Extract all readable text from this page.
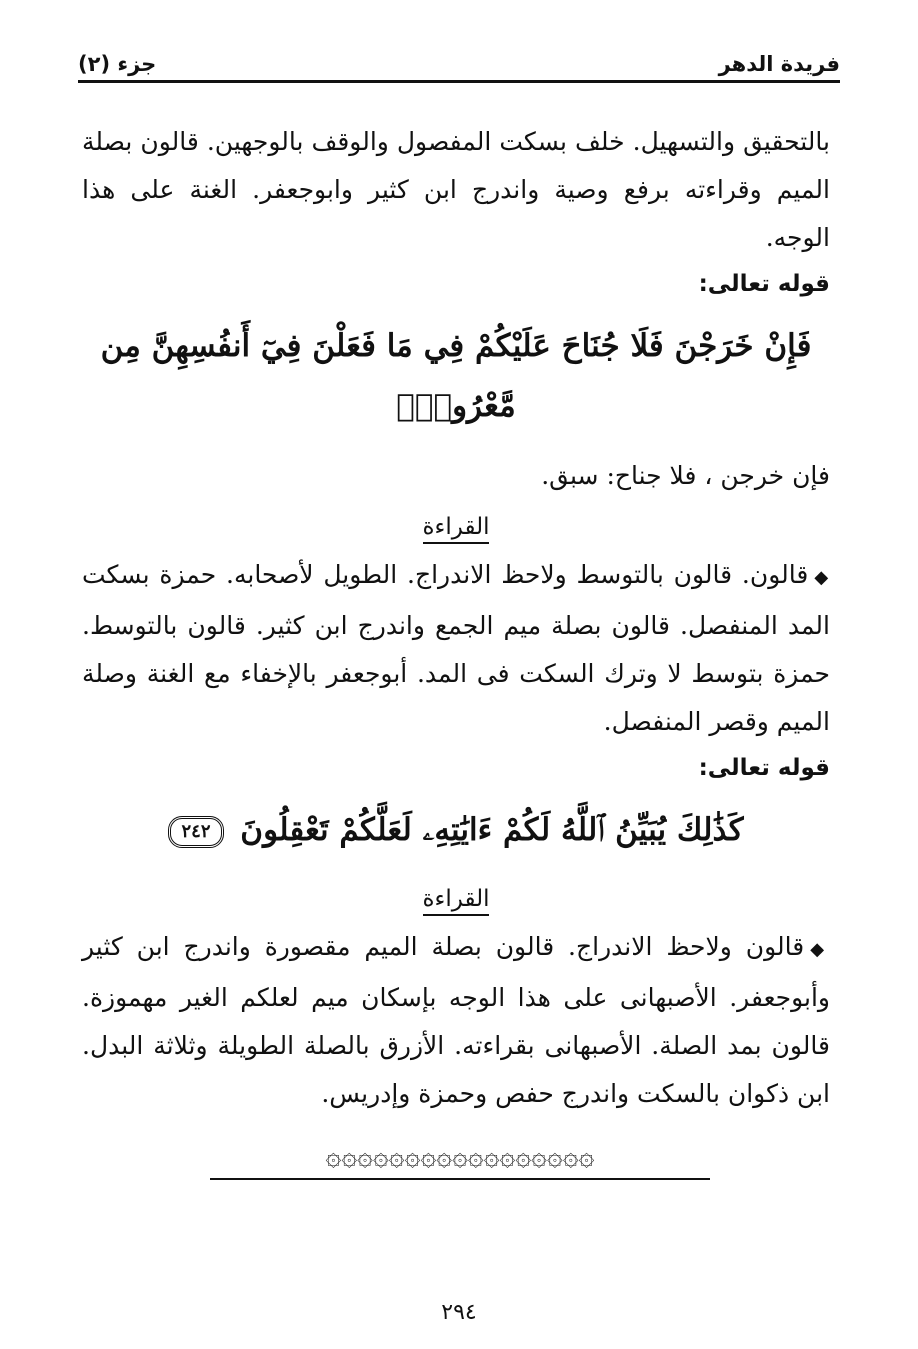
فريدة الدهر
جزء (٢)

بالتحقيق والتسهيل. خلف بسكت المفصول والوقف بالوجهين. قالون بصلة الميم وقراءته برفع وصية واندرج ابن كثير وابوجعفر. الغنة على هذا الوجه.

قوله تعالى:

فَإِنْ خَرَجْنَ فَلَا جُنَاحَ عَلَيْكُمْ فِي مَا فَعَلْنَ فِيٓ أَنفُسِهِنَّ مِن مَّعْرُوفٍۗ

فإن خرجن ، فلا جناح: سبق.

القراءة

◆قالون. قالون بالتوسط ولاحظ الاندراج. الطويل لأصحابه. حمزة بسكت المد المنفصل. قالون بصلة ميم الجمع واندرج ابن كثير. قالون بالتوسط. حمزة بتوسط لا وترك السكت فى المد. أبوجعفر بالإخفاء مع الغنة وصلة الميم وقصر المنفصل.

قوله تعالى:

كَذَٰلِكَ يُبَيِّنُ ٱللَّهُ لَكُمْ ءَايَٰتِهِۦ لَعَلَّكُمْ تَعْقِلُونَ ٢٤٢
القراءة

◆قالون ولاحظ الاندراج. قالون بصلة الميم مقصورة واندرج ابن كثير وأبوجعفر. الأصبهانى على هذا الوجه بإسكان ميم لعلكم الغير مهموزة. قالون بمد الصلة. الأصبهانى بقراءته. الأزرق بالصلة الطويلة وثلاثة البدل. ابن ذكوان بالسكت واندرج حفص وحمزة وإدريس.

۞۞۞۞۞۞۞۞۞۞۞۞۞۞۞۞۞
٢٩٤
